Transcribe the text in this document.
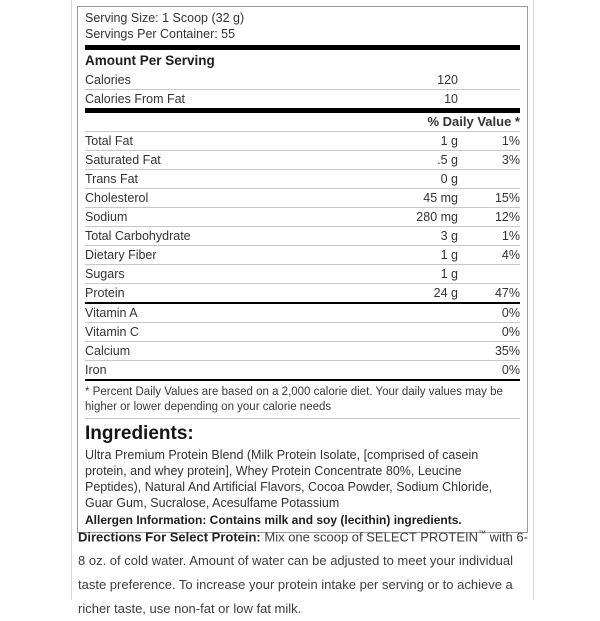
Serving Size: 1 Scoop (32 g)
Servings Per Container: 55
Amount Per Serving
Calories	120	
Calories From Fat	10	
% Daily Value *
Total Fat	1 g	1%
Saturated Fat	.5 g	3%
Trans Fat	0 g	
Cholesterol	45 mg	15%
Sodium	280 mg	12%
Total Carbohydrate	3 g	1%
Dietary Fiber	1 g	4%
Sugars	1 g	
Protein	24 g	47%
Vitamin A		0%
Vitamin C		0%
Calcium		35%
Iron		0%
* Percent Daily Values are based on a 2,000 calorie diet. Your daily values may be higher or lower depending on your calorie needs
Ingredients:
Ultra Premium Protein Blend (Milk Protein Isolate, [comprised of casein protein, and whey protein], Whey Protein Concentrate 80%, Leucine Peptides), Natural And Artificial Flavors, Cocoa Powder, Sodium Chloride, Guar Gum, Sucralose, Acesulfame Potassium
Allergen Information: Contains milk and soy (lecithin) ingredients.
Directions For Select Protein: Mix one scoop of SELECT PROTEIN™ with 6-8 oz. of cold water. Amount of water can be adjusted to meet your individual taste preference. To increase your protein intake per serving or to achieve a richer taste, use non-fat or low fat milk.
